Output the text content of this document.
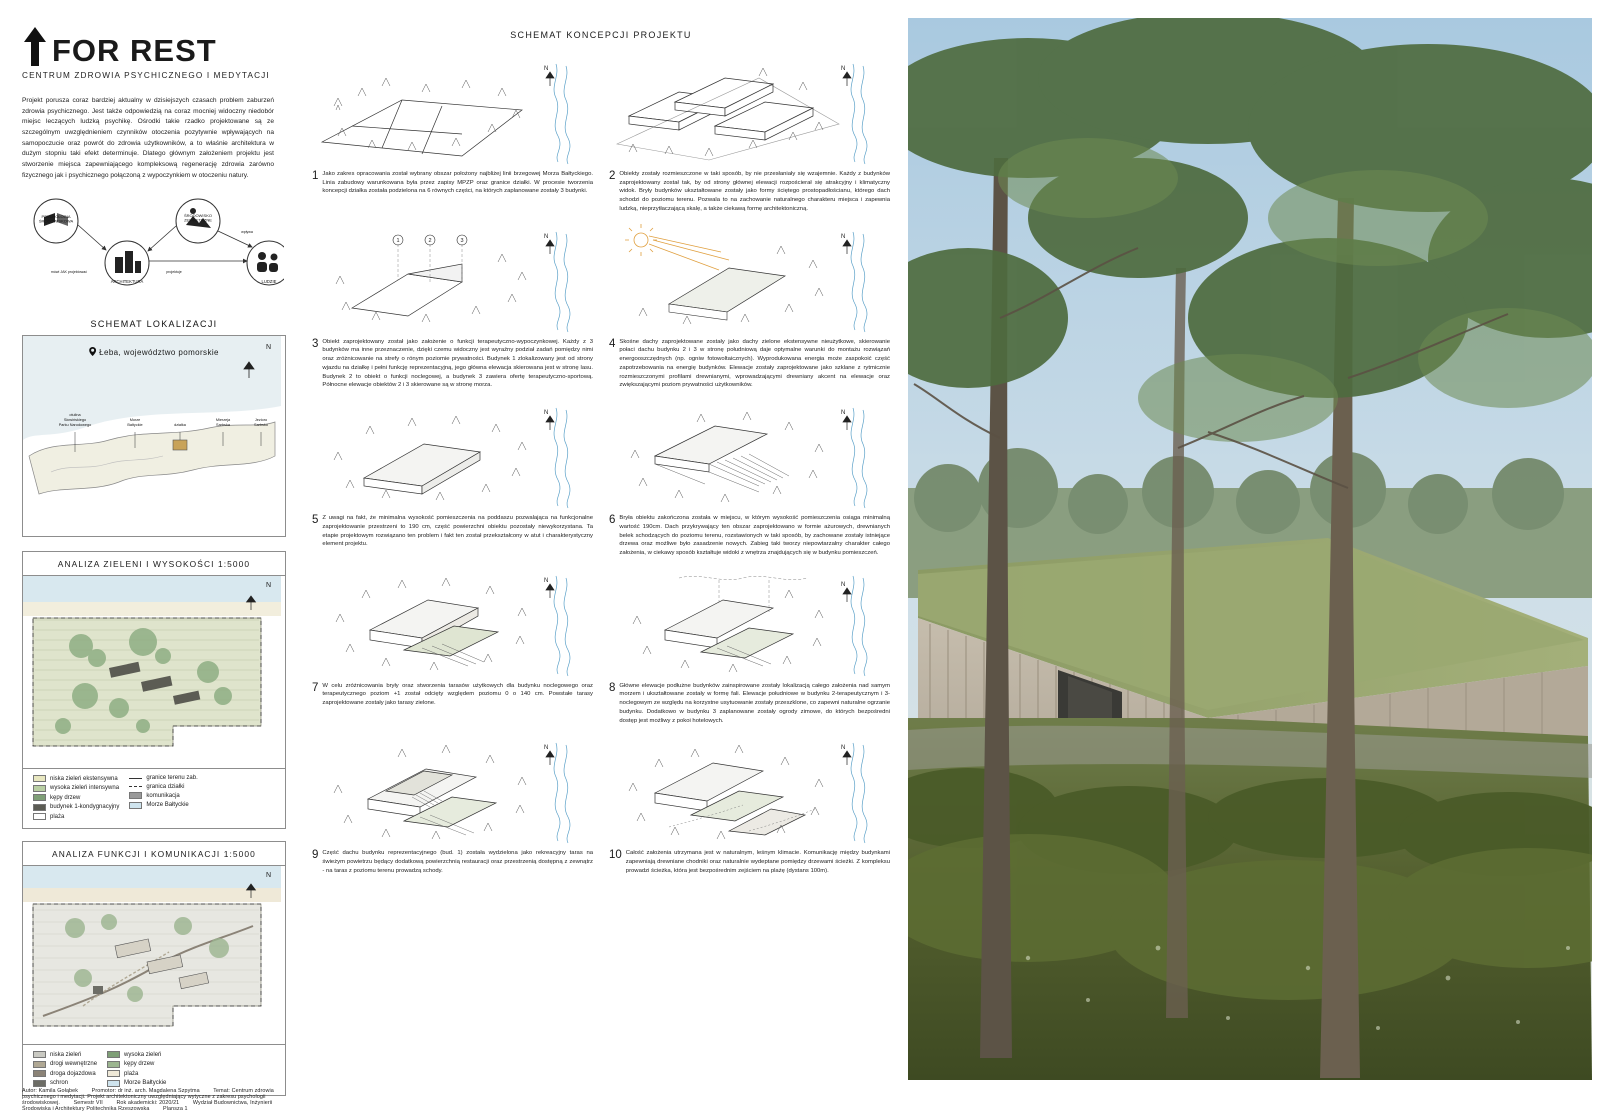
FOR REST
CENTRUM ZDROWIA PSYCHICZNEGO I MEDYTACJI
Projekt porusza coraz bardziej aktualny w dzisiejszych czasach problem zaburzeń zdrowia psychicznego. Jest także odpowiedzią na coraz mocniej widoczny niedobór miejsc leczących ludzką psychikę. Ośrodki takie rzadko projektowane są ze szczególnym uwzględnieniem czynników otoczenia pozytywnie wpływających na samopoczucie oraz powrót do zdrowia użytkowników, a to właśnie architektura w dużym stopniu taki efekt determinuje. Dlatego głównym założeniem projektu jest stworzenie miejsca zapewniającego kompleksową regenerację zdrowia zarówno fizycznego jak i psychicznego połączoną z wypoczynkiem w otoczeniu natury.
PSYCHOLOGIA
ŚRODOWISKOWA
ŚRODOWISKO
ZEWNĘTRZNE
ARCHITEKTURA	LUDZIE
mówi JAK projektować	projektuje
wpływa
SCHEMAT LOKALIZACJI
otulina
Słowińskiego
Parku Narodowego
Morze
Bałtyckie	działka
Mierzeja
Sarbska
Jezioro
Sarbsko
Łeba, województwo pomorskie
N
ANALIZA ZIELENI I WYSOKOŚCI 1:5000
N
niska zieleń ekstensywna
wysoka zieleń intensywna
kępy drzew
budynek 1-kondygnacyjny
plaża
granice terenu zab.
granica działki
komunikacja
Morze Bałtyckie
ANALIZA FUNKCJI I KOMUNIKACJI 1:5000
N
niska zieleń
drogi wewnętrzne
droga dojazdowa
schron
wysoka zieleń
kępy drzew
plaża
Morze Bałtyckie
Autor: Kamila Gołąbek	Promotor: dr inż. arch. Magdalena Szpytma	Temat: Centrum zdrowia psychicznego i medytacji. Projekt architektoniczny uwzględniający wytyczne z zakresu psychologii środowiskowej.	Semestr VII	Rok akademicki: 2020/21	Wydział Budownictwa, Inżynierii Środowiska i Architektury Politechnika Rzeszowska	Plansza 1
SCHEMAT KONCEPCJI PROJEKTU
N
1 Jako zakres opracowania został wybrany obszar położony najbliżej linii brzegowej Morza Bałtyckiego. Linia zabudowy warunkowana była przez zapisy MPZP oraz granice działki. W procesie tworzenia koncepcji działka została podzielona na 6 równych części, na których zaplanowane zostały 3 budynki.
N
2 Obiekty zostały rozmieszczone w taki sposób, by nie przesłaniały się wzajemnie. Każdy z budynków zaprojektowany został tak, by od strony głównej elewacji rozpościerał się atrakcyjny i klimatyczny widok. Bryły budynków ukształtowane zostały jako formy ściętego prostopadłościanu, którego dach schodzi do poziomu terenu. Pozwala to na zachowanie naturalnego charakteru miejsca i zapewnia ludzką, nieprzytłaczającą skalę, a także ciekawą formę architektoniczną.
1	2	3
N
3 Obiekt zaprojektowany został jako założenie o funkcji terapeutyczno-wypoczynkowej. Każdy z 3 budynków ma inne przeznaczenie, dzięki czemu widoczny jest wyraźny podział zadań pomiędzy nimi oraz zróżnicowanie na strefy o rónym poziomie prywatności. Budynek 1 zlokalizowany jest od strony wjazdu na działkę i pełni funkcję reprezentacyjną, jego główna elewacja skierowana jest w stronę lasu. Budynek 2 to obiekt o funkcji noclegowej, a budynek 3 zawiera ofertę terapeutyczno-sportową. Północne elewacje obiektów 2 i 3 skierowane są w stronę morza.
N
4 Skośne dachy zaprojektowane zostały jako dachy zielone ekstensywne nieużytkowe, skierowanie połaci dachu budynku 2 i 3 w stronę południową daje optymalne warunki do montażu rozwiązań energooszczędnych (np. ogniw fotowoltaicznych). Wyprodukowana energia może zaspokoić część zapotrzebowania na energię budynków. Elewacje zostały zaprojektowane jako szklane z rytmicznie rozmieszczonymi profilami drewnianymi, wprowadzającymi drewniany akcent na elewacje oraz zwiększającymi poziom prywatności użytkowników.
N
5 Z uwagi na fakt, że minimalna wysokość pomieszczenia na poddaszu pozwalająca na funkcjonalne zaprojektowanie przestrzeni to 190 cm, część powierzchni obiektu pozostały niewykorzystana. Ta etapie projektowym rozwiązano ten problem i fakt ten został przekształcony w atut i charakterystyczny element projektu.
N
6 Bryła obiektu zakończona została w miejscu, w którym wysokość pomieszczenia osiąga minimalną wartość 190cm. Dach przykrywający ten obszar zaprojektowano w formie ażurowych, drewnianych belek schodzących do poziomu terenu, rozstawionych w taki sposób, by zachowane zostały istniejące drzewa oraz możliwe było zasadzenie nowych. Zabieg taki tworzy niepowtarzalny charakter całego założenia, w ciekawy sposób kształtuje widoki z wnętrza znajdujących się w budynku pomieszczeń.
N
7 W celu zróżnicowania bryły oraz stworzenia tarasów użytkowych dla budynku noclegowego oraz terapeutycznego poziom +1 został odcięty względem poziomu 0 o 140 cm. Powstałe tarasy zaprojektowane zostały jako tarasy zielone.
N
8 Główne elewacje podłużne budynków zainspirowane zostały lokalizacją całego założenia nad samym morzem i ukształtowane zostały w formę fali. Elewacje południowe w budynku 2-terapeutycznym i 3-noclegowym ze względu na korzystne usytuowanie zostały przeszklone, co zapewni naturalne ogrzanie budynku. Dodatkowo w budynku 3 zaplanowane zostały ogrody zimowe, do których bezpośredni dostęp jest możliwy z pokoi hotelowych.
N
9 Część dachu budynku reprezentacyjnego (bud. 1) została wydzielona jako rekreacyjny taras na świeżym powietrzu będący dodatkową powierzchnią restauracji oraz przestrzenią dostępną z zewnątrz - na taras z poziomu terenu prowadzą schody.
N
10 Całość założenia utrzymana jest w naturalnym, leśnym klimacie. Komunikację między budynkami zapewniają drewniane chodniki oraz naturalnie wydeptane pomiędzy drzewami ścieżki. Z kompleksu prowadzi ścieżka, która jest bezpośrednim zejściem na plażę (dystans 100m).
